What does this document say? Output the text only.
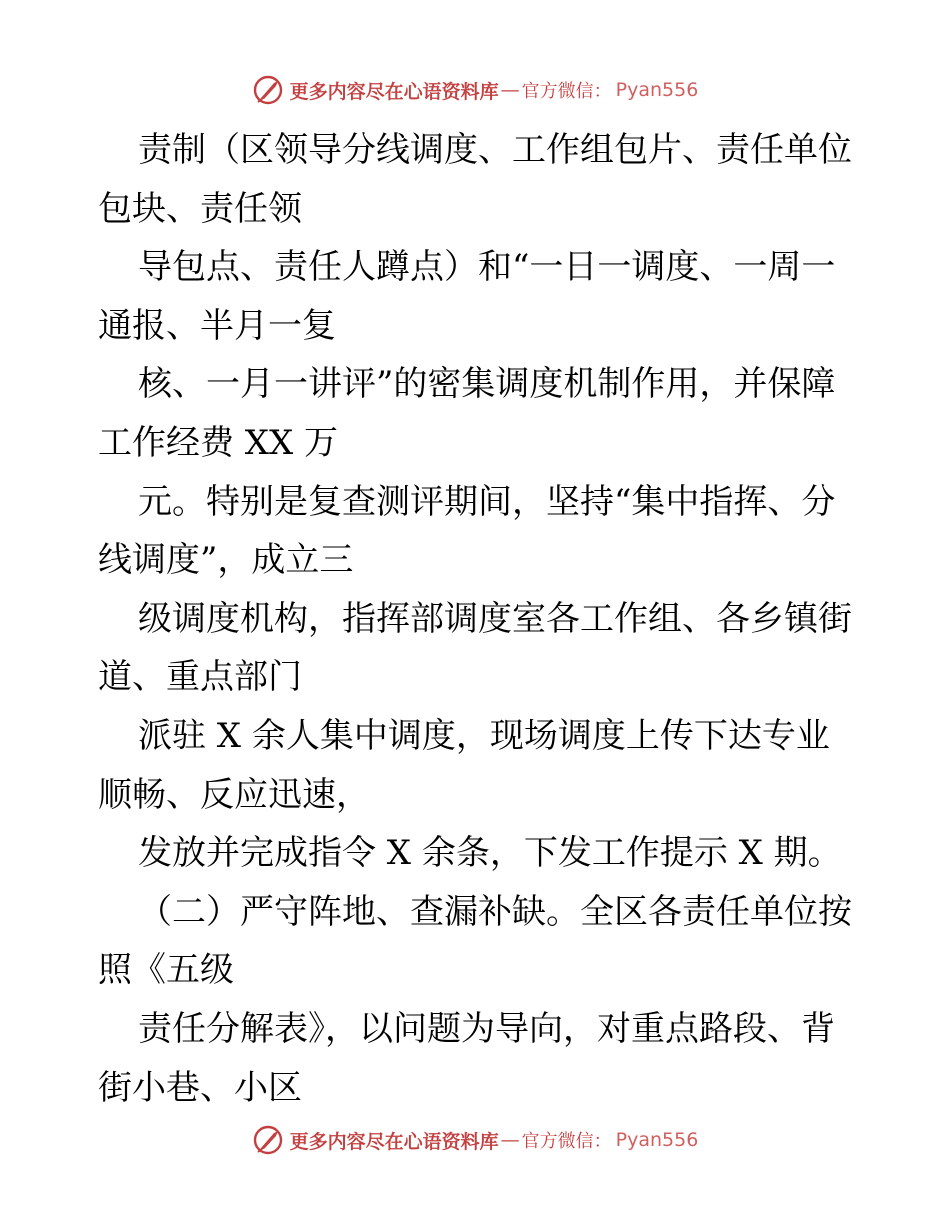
更多内容尽在心语资料库 — 官方微信： Pyan556
责制（区领导分线调度、工作组包片、责任单位
包块、责任领
导包点、责任人蹲点）和“一日一调度、一周一
通报、半月一复
核、一月一讲评”的密集调度机制作用，并保障
工作经费 XX 万
元。特别是复查测评期间，坚持“集中指挥、分
线调度”，成立三
级调度机构，指挥部调度室各工作组、各乡镇街
道、重点部门
派驻 X 余人集中调度，现场调度上传下达专业
顺畅、反应迅速，
发放并完成指令 X 余条，下发工作提示 X 期。
（二）严守阵地、查漏补缺。全区各责任单位按
照《五级
责任分解表》，以问题为导向，对重点路段、背
街小巷、小区
更多内容尽在心语资料库 — 官方微信： Pyan556
